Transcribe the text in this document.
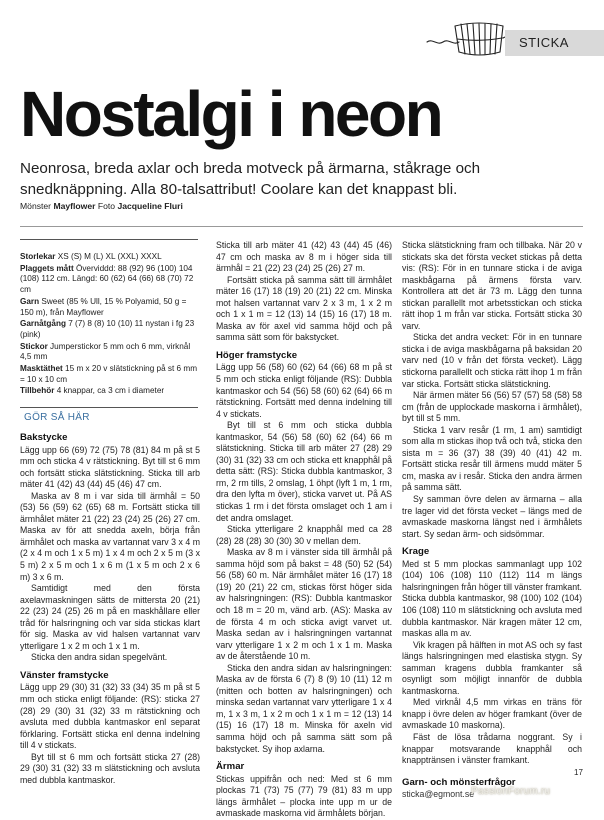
STICKA
Nostalgi i neon

Neonrosa, breda axlar och breda motveck på ärmarna, ståkrage och snedknäppning. Alla 80-talsattribut! Coolare kan det knappast bli.

Mönster Mayflower Foto Jacqueline Fluri

Storlekar XS (S) M (L) XL (XXL) XXXL

Plaggets mått Överviddd: 88 (92) 96 (100) 104 (108) 112 cm. Längd: 60 (62) 64 (66) 68 (70) 72 cm

Garn Sweet (85 % Ull, 15 % Polyamid, 50 g = 150 m), från Mayflower

Garnåtgång 7 (7) 8 (8) 10 (10) 11 nystan i fg 23 (pink)

Stickor Jumperstickor 5 mm och 6 mm, virknål 4,5 mm

Masktäthet 15 m x 20 v slätstickning på st 6 mm = 10 x 10 cm

Tillbehör 4 knappar, ca 3 cm i diameter

GÖR SÅ HÄR
Bakstycke

Lägg upp 66 (69) 72 (75) 78 (81) 84 m på st 5 mm och sticka 4 v rätstickning. Byt till st 6 mm och fortsätt sticka slätstickning. Sticka till arb mäter 41 (42) 43 (44) 45 (46) 47 cm.

Maska av 8 m i var sida till ärmhål = 50 (53) 56 (59) 62 (65) 68 m. Fortsätt sticka till ärmhålet mäter 21 (22) 23 (24) 25 (26) 27 cm. Maska av för att snedda axeln, börja från ärmhålet och maska av vartannat varv 3 x 4 m (2 x 4 m och 1 x 5 m) 1 x 4 m och 2 x 5 m (3 x 5 m) 2 x 5 m och 1 x 6 m (1 x 5 m och 2 x 6 m) 3 x 6 m.

Samtidigt med den första axelavmaskningen sätts de mittersta 20 (21) 22 (23) 24 (25) 26 m på en maskhållare eller tråd för halsringning och var sida stickas klart för sig. Maska av vid halsen vartannat varv ytterligare 1 x 2 m och 1 x 1 m.

Sticka den andra sidan spegelvänt.

Vänster framstycke

Lägg upp 29 (30) 31 (32) 33 (34) 35 m på st 5 mm och sticka enligt följande: (RS): sticka 27 (28) 29 (30) 31 (32) 33 m rätstickning och avsluta med dubbla kantmaskor enl separat förklaring. Fortsätt sticka enl denna indelning till 4 v stickats.

Byt till st 6 mm och fortsätt sticka 27 (28) 29 (30) 31 (32) 33 m slätstickning och avsluta med dubbla kantmaskor.

Sticka till arb mäter 41 (42) 43 (44) 45 (46) 47 cm och maska av 8 m i höger sida till ärmhål = 21 (22) 23 (24) 25 (26) 27 m.

Fortsätt sticka på samma sätt till ärmhålet mäter 16 (17) 18 (19) 20 (21) 22 cm. Minska mot halsen vartannat varv 2 x 3 m, 1 x 2 m och 1 x 1 m = 12 (13) 14 (15) 16 (17) 18 m. Maska av för axel vid samma höjd och på samma sätt som för bakstycket.

Höger framstycke

Lägg upp 56 (58) 60 (62) 64 (66) 68 m på st 5 mm och sticka enligt följande (RS): Dubbla kantmaskor och 54 (56) 58 (60) 62 (64) 66 m rätstickning. Fortsätt med denna indelning till 4 v stickats.

Byt till st 6 mm och sticka dubbla kantmaskor, 54 (56) 58 (60) 62 (64) 66 m slätstickning. Sticka till arb mäter 27 (28) 29 (30) 31 (32) 33 cm och sticka ett knapphål på detta sätt: (RS): Sticka dubbla kantmaskor, 3 rm, 2 rm tills, 2 omslag, 1 öhpt (lyft 1 m, 1 rm, dra den lyfta m över), sticka varvet ut. På AS stickas 1 rm i det första omslaget och 1 am i det andra omslaget.

Sticka ytterligare 2 knapphål med ca 28 (28) 28 (28) 30 (30) 30 v mellan dem.

Maska av 8 m i vänster sida till ärmhål på samma höjd som på bakst = 48 (50) 52 (54) 56 (58) 60 m. När ärmhålet mäter 16 (17) 18 (19) 20 (21) 22 cm, stickas först höger sida av halsringningen: (RS): Dubbla kantmaskor och 18 m = 20 m, vänd arb. (AS): Maska av de första 4 m och sticka avigt varvet ut. Maska sedan av i halsringningen vartannat varv ytterligare 1 x 2 m och 1 x 1 m. Maska av de återstående 10 m.

Sticka den andra sidan av halsringningen: Maska av de första 6 (7) 8 (9) 10 (11) 12 m (mitten och botten av halsringningen) och minska sedan vartannat varv ytterligare 1 x 4 m, 1 x 3 m, 1 x 2 m och 1 x 1 m = 12 (13) 14 (15) 16 (17) 18 m. Minska för axeln vid samma höjd och på samma sätt som på bakstycket. Sy ihop axlarna.

Ärmar

Stickas uppifrån och ned: Med st 6 mm plockas 71 (73) 75 (77) 79 (81) 83 m upp längs ärmhålet – plocka inte upp m ur de avmaskade maskorna vid ärmhålets början.

Sticka slätstickning fram och tillbaka. När 20 v stickats ska det första vecket stickas på detta vis: (RS): För in en tunnare sticka i de aviga maskbågarna på ärmens första varv. Kontrollera att det är 73 m. Lägg den tunna stickan parallellt mot arbetsstickan och sticka rätt ihop 1 m från var sticka. Fortsätt sticka 30 varv.

Sticka det andra vecket: För in en tunnare sticka i de aviga maskbågarna på baksidan 20 varv ned (10 v från det första vecket). Lägg stickorna parallellt och sticka rätt ihop 1 m från var sticka. Fortsätt sticka slätstickning.

När ärmen mäter 56 (56) 57 (57) 58 (58) 58 cm (från de upplockade maskorna i ärmhålet), byt till st 5 mm.

Sticka 1 varv resår (1 rm, 1 am) samtidigt som alla m stickas ihop två och två, sticka den sista m = 36 (37) 38 (39) 40 (41) 42 m. Fortsätt sticka resår till ärmens mudd mäter 5 cm, maska av i resår. Sticka den andra ärmen på samma sätt.

Sy samman övre delen av ärmarna – alla tre lager vid det första vecket – längs med de avmaskade maskorna längst ned i ärmhålets start. Sy sedan ärm- och sidsömmar.

Krage

Med st 5 mm plockas sammanlagt upp 102 (104) 106 (108) 110 (112) 114 m längs halsringningen från höger till vänster framkant. Sticka dubbla kantmaskor, 98 (100) 102 (104) 106 (108) 110 m slätstickning och avsluta med dubbla kantmaskor. När kragen mäter 12 cm, maskas alla m av.

Vik kragen på hälften in mot AS och sy fast längs halsringningen med elastiska stygn. Sy samman kragens dubbla framkanter så osynligt som möjligt innanför de dubbla kantmaskorna.

Med virknål 4,5 mm virkas en träns för knapp i övre delen av höger framkant (över de avmaskade 10 maskorna).

Fäst de lösa trådarna noggrant. Sy i knappar motsvarande knapphål och knapptränsen i vänster framkant.

Garn- och mönsterfrågor

sticka@egmont.se

17
PassionForum.ru
